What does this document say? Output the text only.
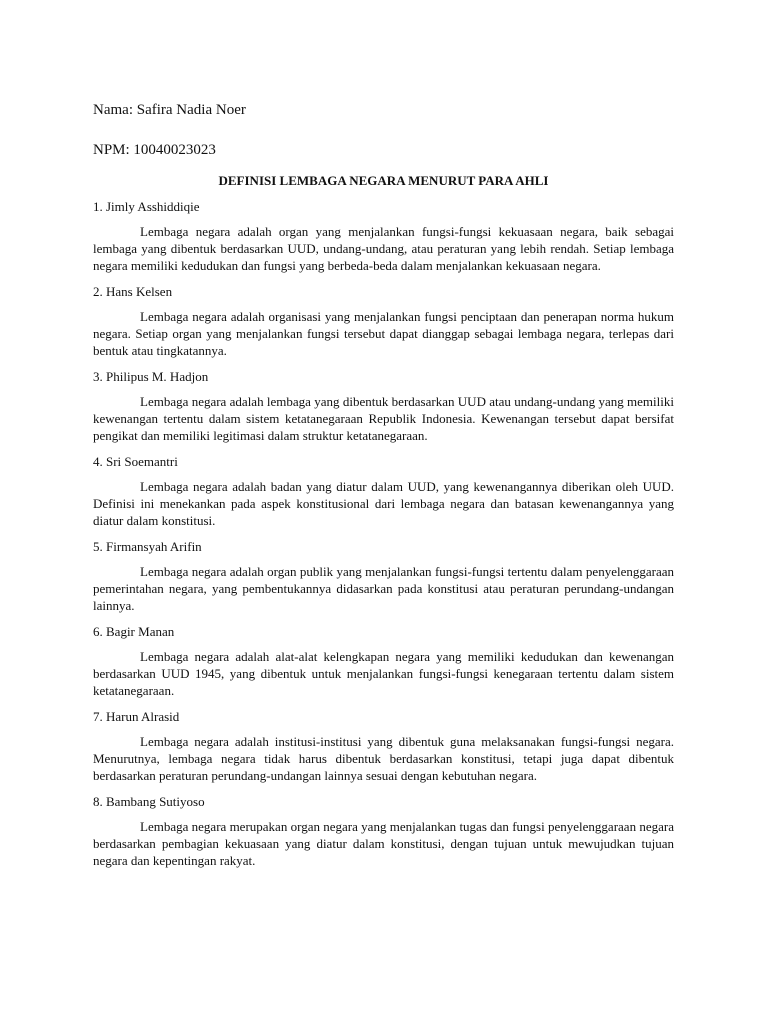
Nama: Safira Nadia Noer

NPM: 10040023023

DEFINISI LEMBAGA NEGARA MENURUT PARA AHLI

1. Jimly Asshiddiqie

Lembaga negara adalah organ yang menjalankan fungsi-fungsi kekuasaan negara, baik sebagai lembaga yang dibentuk berdasarkan UUD, undang-undang, atau peraturan yang lebih rendah. Setiap lembaga negara memiliki kedudukan dan fungsi yang berbeda-beda dalam menjalankan kekuasaan negara.

2. Hans Kelsen

Lembaga negara adalah organisasi yang menjalankan fungsi penciptaan dan penerapan norma hukum negara. Setiap organ yang menjalankan fungsi tersebut dapat dianggap sebagai lembaga negara, terlepas dari bentuk atau tingkatannya.

3. Philipus M. Hadjon

Lembaga negara adalah lembaga yang dibentuk berdasarkan UUD atau undang-undang yang memiliki kewenangan tertentu dalam sistem ketatanegaraan Republik Indonesia. Kewenangan tersebut dapat bersifat pengikat dan memiliki legitimasi dalam struktur ketatanegaraan.

4. Sri Soemantri

Lembaga negara adalah badan yang diatur dalam UUD, yang kewenangannya diberikan oleh UUD. Definisi ini menekankan pada aspek konstitusional dari lembaga negara dan batasan kewenangannya yang diatur dalam konstitusi.

5. Firmansyah Arifin

Lembaga negara adalah organ publik yang menjalankan fungsi-fungsi tertentu dalam penyelenggaraan pemerintahan negara, yang pembentukannya didasarkan pada konstitusi atau peraturan perundang-undangan lainnya.

6. Bagir Manan

Lembaga negara adalah alat-alat kelengkapan negara yang memiliki kedudukan dan kewenangan berdasarkan UUD 1945, yang dibentuk untuk menjalankan fungsi-fungsi kenegaraan tertentu dalam sistem ketatanegaraan.

7. Harun Alrasid

Lembaga negara adalah institusi-institusi yang dibentuk guna melaksanakan fungsi-fungsi negara. Menurutnya, lembaga negara tidak harus dibentuk berdasarkan konstitusi, tetapi juga dapat dibentuk berdasarkan peraturan perundang-undangan lainnya sesuai dengan kebutuhan negara.

8. Bambang Sutiyoso

Lembaga negara merupakan organ negara yang menjalankan tugas dan fungsi penyelenggaraan negara berdasarkan pembagian kekuasaan yang diatur dalam konstitusi, dengan tujuan untuk mewujudkan tujuan negara dan kepentingan rakyat.
